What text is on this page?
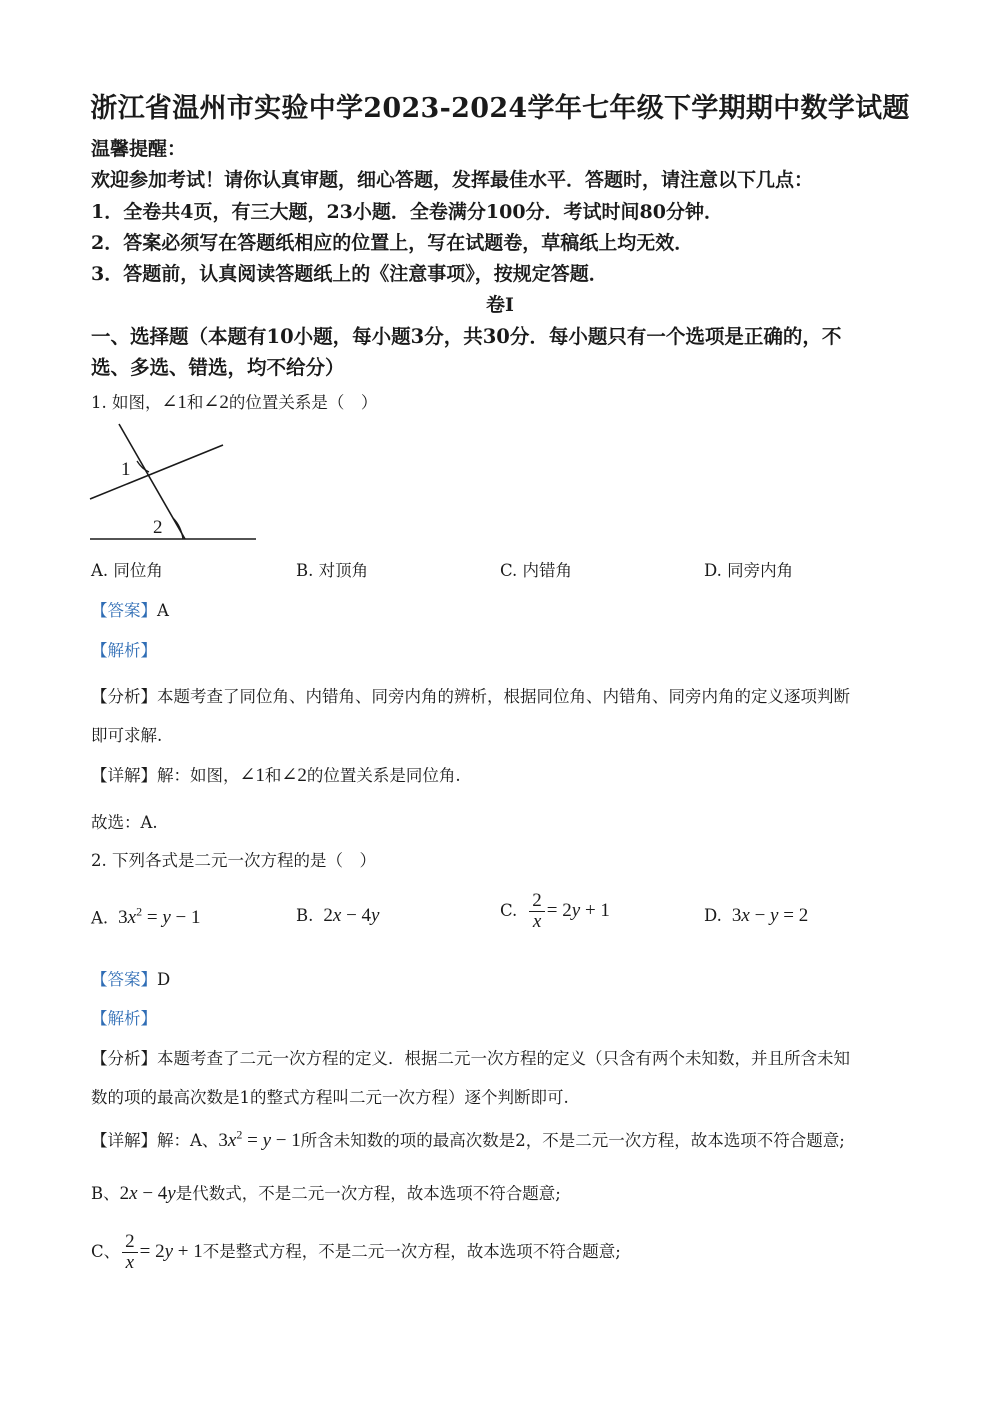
浙江省温州市实验中学2023-2024学年七年级下学期期中数学试题
温馨提醒：
欢迎参加考试！请你认真审题，细心答题，发挥最佳水平．答题时，请注意以下几点：
1．全卷共4页，有三大题，23小题．全卷满分100分．考试时间80分钟．
2．答案必须写在答题纸相应的位置上，写在试题卷，草稿纸上均无效．
3．答题前，认真阅读答题纸上的《注意事项》，按规定答题．
卷I
一、选择题（本题有10小题，每小题3分，共30分．每小题只有一个选项是正确的，不
选、多选、错选，均不给分）
1. 如图，∠1和∠2的位置关系是（　）
1
2
A. 同位角	B. 对顶角	C. 内错角	D. 同旁内角
【答案】A
【解析】
【分析】本题考查了同位角、内错角、同旁内角的辨析，根据同位角、内错角、同旁内角的定义逐项判断
即可求解.
【详解】解：如图，∠1和∠2的位置关系是同位角.
故选：A.
2. 下列各式是二元一次方程的是（　）
A.  $3x^2 = y - 1$	B.  2x − 4y	C. $\frac{2}{x} = 2y + 1$	D.  3x − y = 2
【答案】D
【解析】
【分析】本题考查了二元一次方程的定义．根据二元一次方程的定义（只含有两个未知数，并且所含未知
数的项的最高次数是1的整式方程叫二元一次方程）逐个判断即可.
【详解】解：A、$3x^2 = y - 1$所含未知数的项的最高次数是2，不是二元一次方程，故本选项不符合题意;
B、2x − 4y是代数式，不是二元一次方程，故本选项不符合题意;
C、 $\frac{2}{x} = 2y + 1$不是整式方程，不是二元一次方程，故本选项不符合题意;
